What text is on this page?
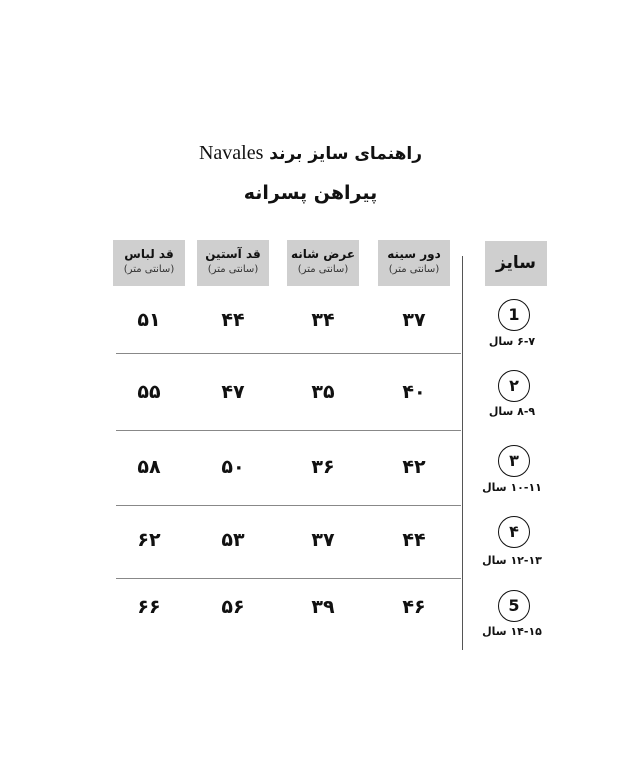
راهنمای سایز برند Navales
پیراهن پسرانه
دور سینه
(سانتی متر)
عرض شانه
(سانتی متر)
قد آستین
(سانتی متر)
قد لباس
(سانتی متر)	سایز
1
۶-۷ سال
۳۷
۳۴
۴۴
۵۱
۲
۸-۹ سال
۴۰
۳۵
۴۷
۵۵
۳
۱۰-۱۱ سال
۴۲
۳۶
۵۰
۵۸
۴
۱۲-۱۳ سال
۴۴
۳۷
۵۳
۶۲
5
۱۴-۱۵ سال
۴۶
۳۹
۵۶
۶۶
